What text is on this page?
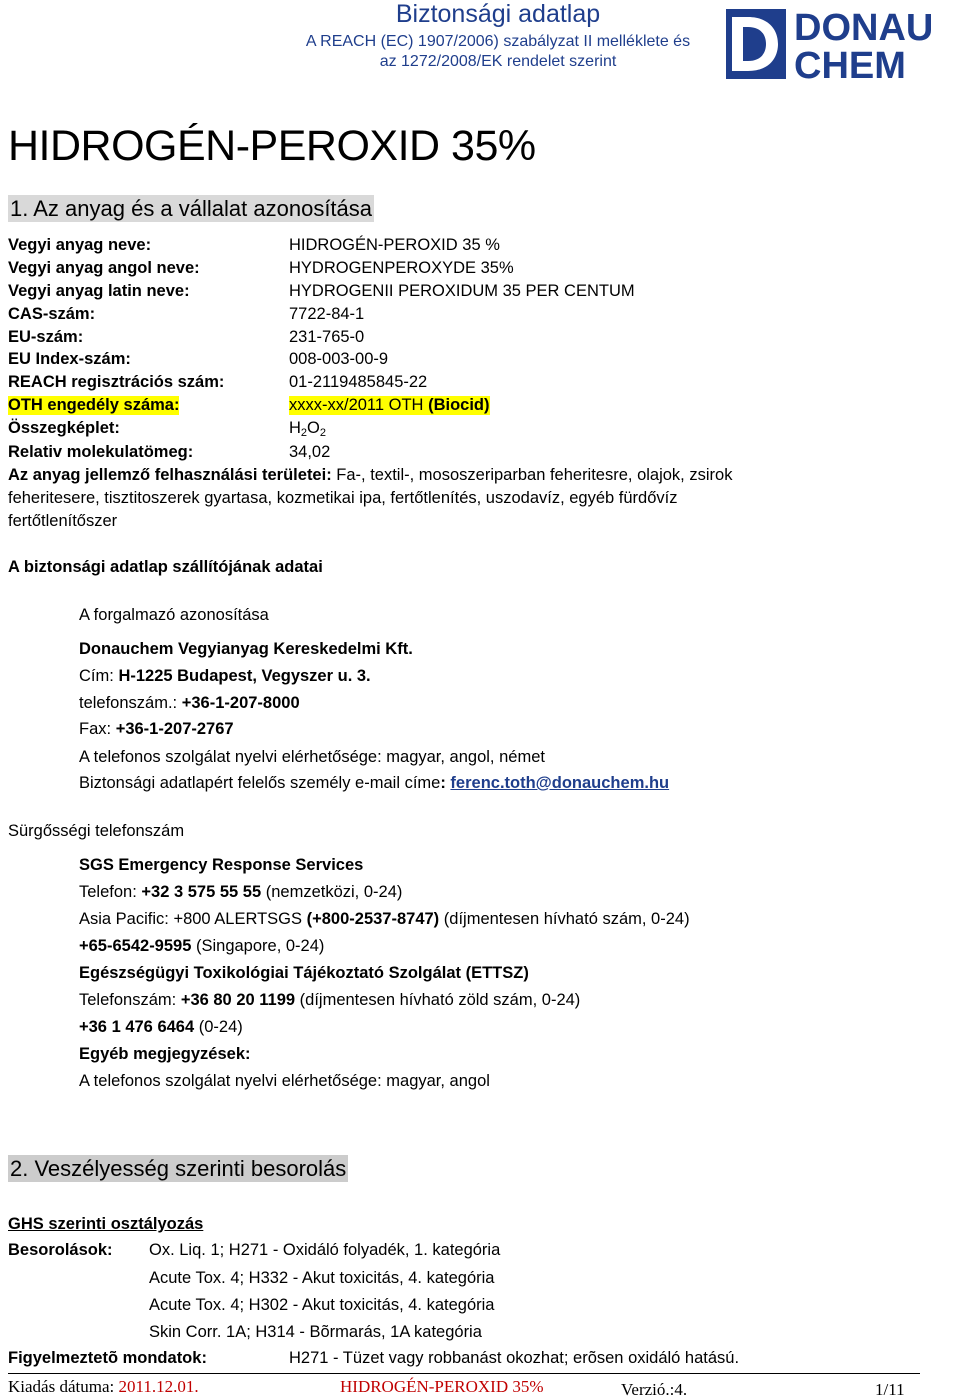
Biztonsági adatlap
A REACH (EC) 1907/2006) szabályzat II melléklete és
az 1272/2008/EK rendelet szerint
DONAU
CHEM
HIDROGÉN-PEROXID 35%
1. Az anyag és a vállalat azonosítása
Vegyi anyag neve:	HIDROGÉN-PEROXID 35 %
Vegyi anyag angol neve:	HYDROGENPEROXYDE 35%
Vegyi anyag latin neve:	HYDROGENII PEROXIDUM 35 PER CENTUM
CAS-szám:	7722-84-1
EU-szám:	231-765-0
EU Index-szám:	008-003-00-9
REACH regisztrációs szám:	01-2119485845-22
OTH engedély száma:	xxxx-xx/2011 OTH (Biocid)
Összegképlet:	$H_2O_2$
Relativ molekulatömeg:	34,02
Az anyag jellemző felhasználási területei: Fa-, textil-, mososzeriparban feheritesre, olajok, zsirok
feheritesere, tisztitoszerek gyartasa, kozmetikai ipa, fertőtlenítés, uszodavíz, egyéb fürdővíz
fertőtlenítőszer
A biztonsági adatlap szállítójának adatai
A forgalmazó azonosítása
Donauchem Vegyianyag Kereskedelmi Kft.
Cím: H-1225 Budapest, Vegyszer u. 3.
telefonszám.: +36-1-207-8000
Fax: +36-1-207-2767
A telefonos szolgálat nyelvi elérhetősége: magyar, angol, német
Biztonsági adatlapért felelős személy e-mail címe: ferenc.toth@donauchem.hu
Sürgősségi telefonszám
SGS Emergency Response Services
Telefon: +32 3 575 55 55 (nemzetközi, 0-24)
Asia Pacific: +800 ALERTSGS (+800-2537-8747) (díjmentesen hívható szám, 0-24)
+65-6542-9595 (Singapore, 0-24)
Egészségügyi Toxikológiai Tájékoztató Szolgálat (ETTSZ)
Telefonszám: +36 80 20 1199 (díjmentesen hívható zöld szám, 0-24)
+36 1 476 6464 (0-24)
Egyéb megjegyzések:
A telefonos szolgálat nyelvi elérhetősége: magyar, angol
2. Veszélyesség szerinti besorolás
GHS szerinti osztályozás
Besorolások: Ox. Liq. 1; H271 - Oxidáló folyadék, 1. kategória
Acute Tox. 4; H332 - Akut toxicitás, 4. kategória
Acute Tox. 4; H302 - Akut toxicitás, 4. kategória
Skin Corr. 1A; H314 - Bõrmarás, 1A kategória
Figyelmeztetõ mondatok:	H271 - Tüzet vagy robbanást okozhat; erõsen oxidáló hatású.
Kiadás dátuma: 2011.12.01.	HIDROGÉN-PEROXID 35%	Verzió.:4.	1/11
